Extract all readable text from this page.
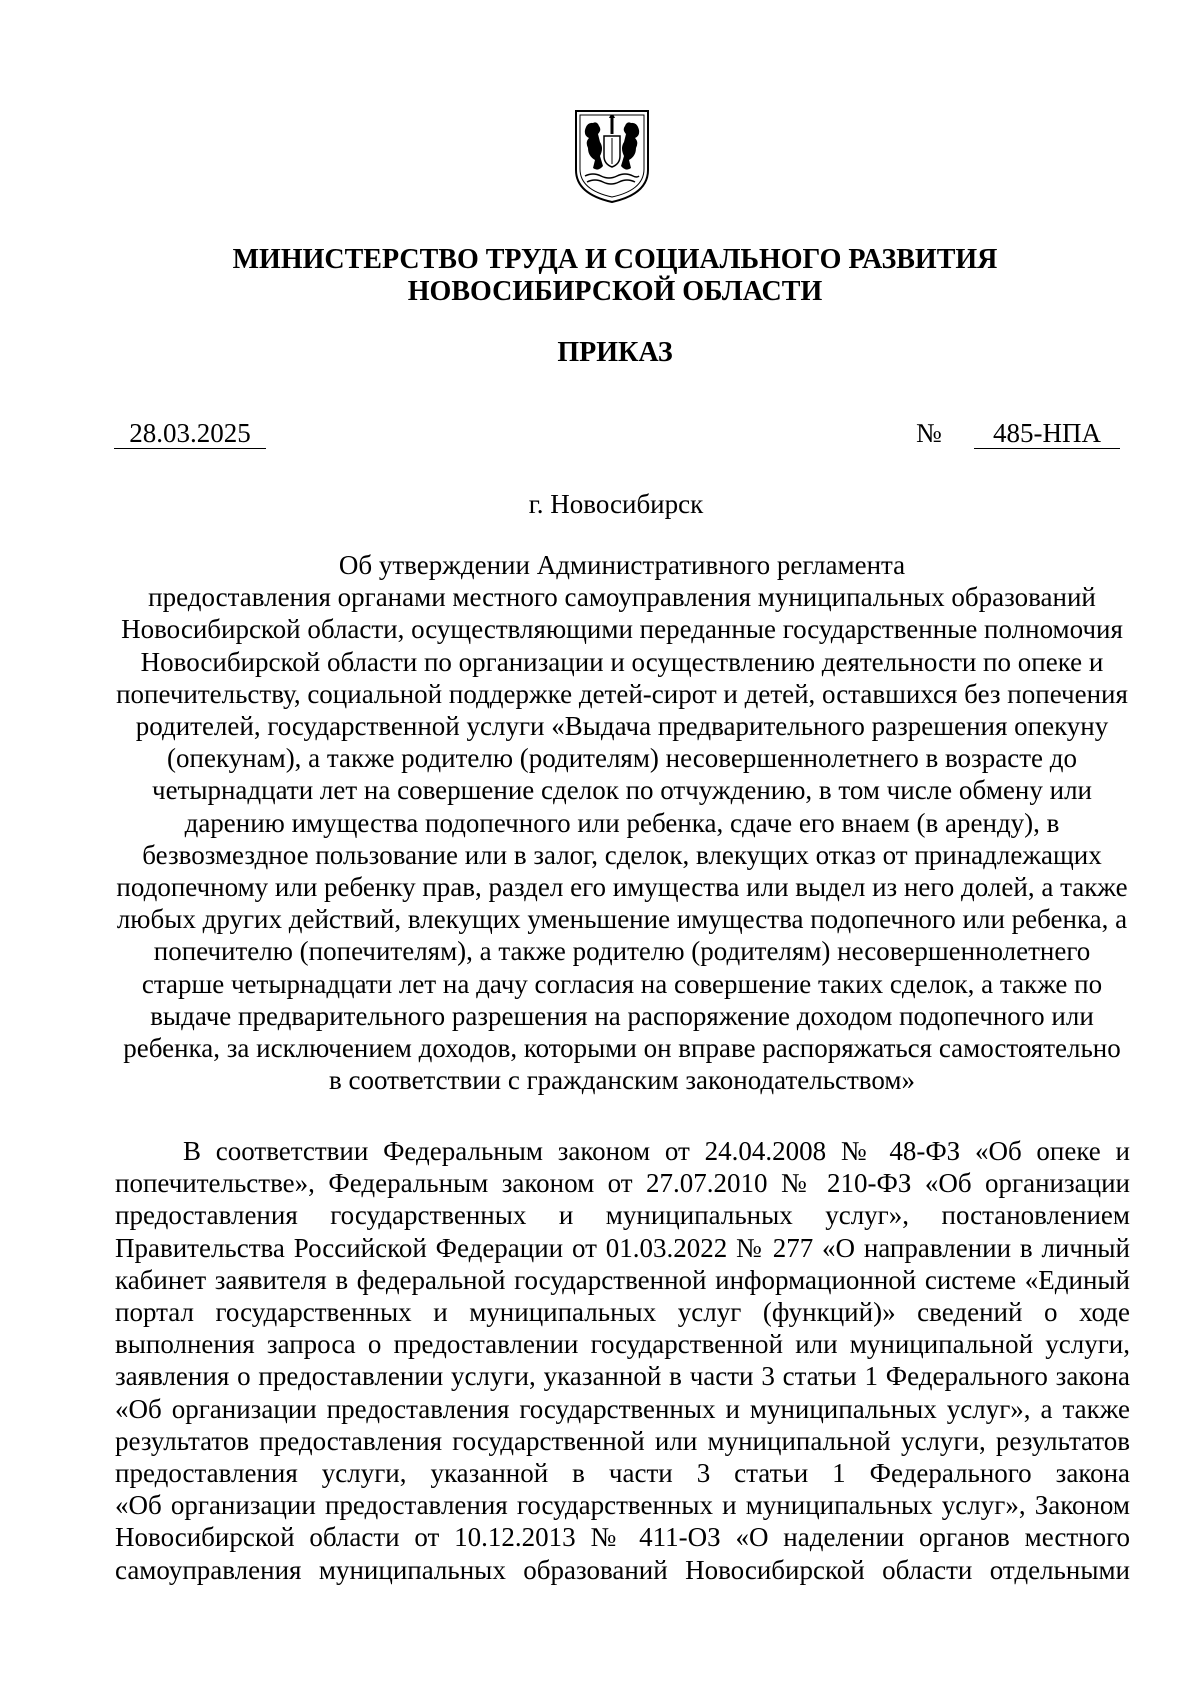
МИНИСТЕРСТВО ТРУДА И СОЦИАЛЬНОГО РАЗВИТИЯ
НОВОСИБИРСКОЙ ОБЛАСТИ
ПРИКАЗ
28.03.2025	№	485-НПА
г. Новосибирск
Об утверждении Административного регламента
предоставления органами местного самоуправления муниципальных образований
Новосибирской области, осуществляющими переданные государственные полномочия
Новосибирской области по организации и осуществлению деятельности по опеке и
попечительству, социальной поддержке детей-сирот и детей, оставшихся без попечения
родителей, государственной услуги «Выдача предварительного разрешения опекуну
(опекунам), а также родителю (родителям) несовершеннолетнего в возрасте до
четырнадцати лет на совершение сделок по отчуждению, в том числе обмену или
дарению имущества подопечного или ребенка, сдаче его внаем (в аренду), в
безвозмездное пользование или в залог, сделок, влекущих отказ от принадлежащих
подопечному или ребенку прав, раздел его имущества или выдел из него долей, а также
любых других действий, влекущих уменьшение имущества подопечного или ребенка, а
попечителю (попечителям), а также родителю (родителям) несовершеннолетнего
старше четырнадцати лет на дачу согласия на совершение таких сделок, а также по
выдаче предварительного разрешения на распоряжение доходом подопечного или
ребенка, за исключением доходов, которыми он вправе распоряжаться самостоятельно
в соответствии с гражданским законодательством»
В соответствии Федеральным законом от 24.04.2008 № 48-ФЗ «Об опеке и
попечительстве», Федеральным законом от 27.07.2010 № 210-ФЗ «Об организации
предоставления государственных и муниципальных услуг», постановлением
Правительства Российской Федерации от 01.03.2022 № 277 «О направлении в личный
кабинет заявителя в федеральной государственной информационной системе «Единый
портал государственных и муниципальных услуг (функций)» сведений о ходе
выполнения запроса о предоставлении государственной или муниципальной услуги,
заявления о предоставлении услуги, указанной в части 3 статьи 1 Федерального закона
«Об организации предоставления государственных и муниципальных услуг», а также
результатов предоставления государственной или муниципальной услуги, результатов
предоставления услуги, указанной в части 3 статьи 1 Федерального закона
«Об организации предоставления государственных и муниципальных услуг», Законом
Новосибирской области от 10.12.2013 № 411-ОЗ «О наделении органов местного
самоуправления муниципальных образований Новосибирской области отдельными
